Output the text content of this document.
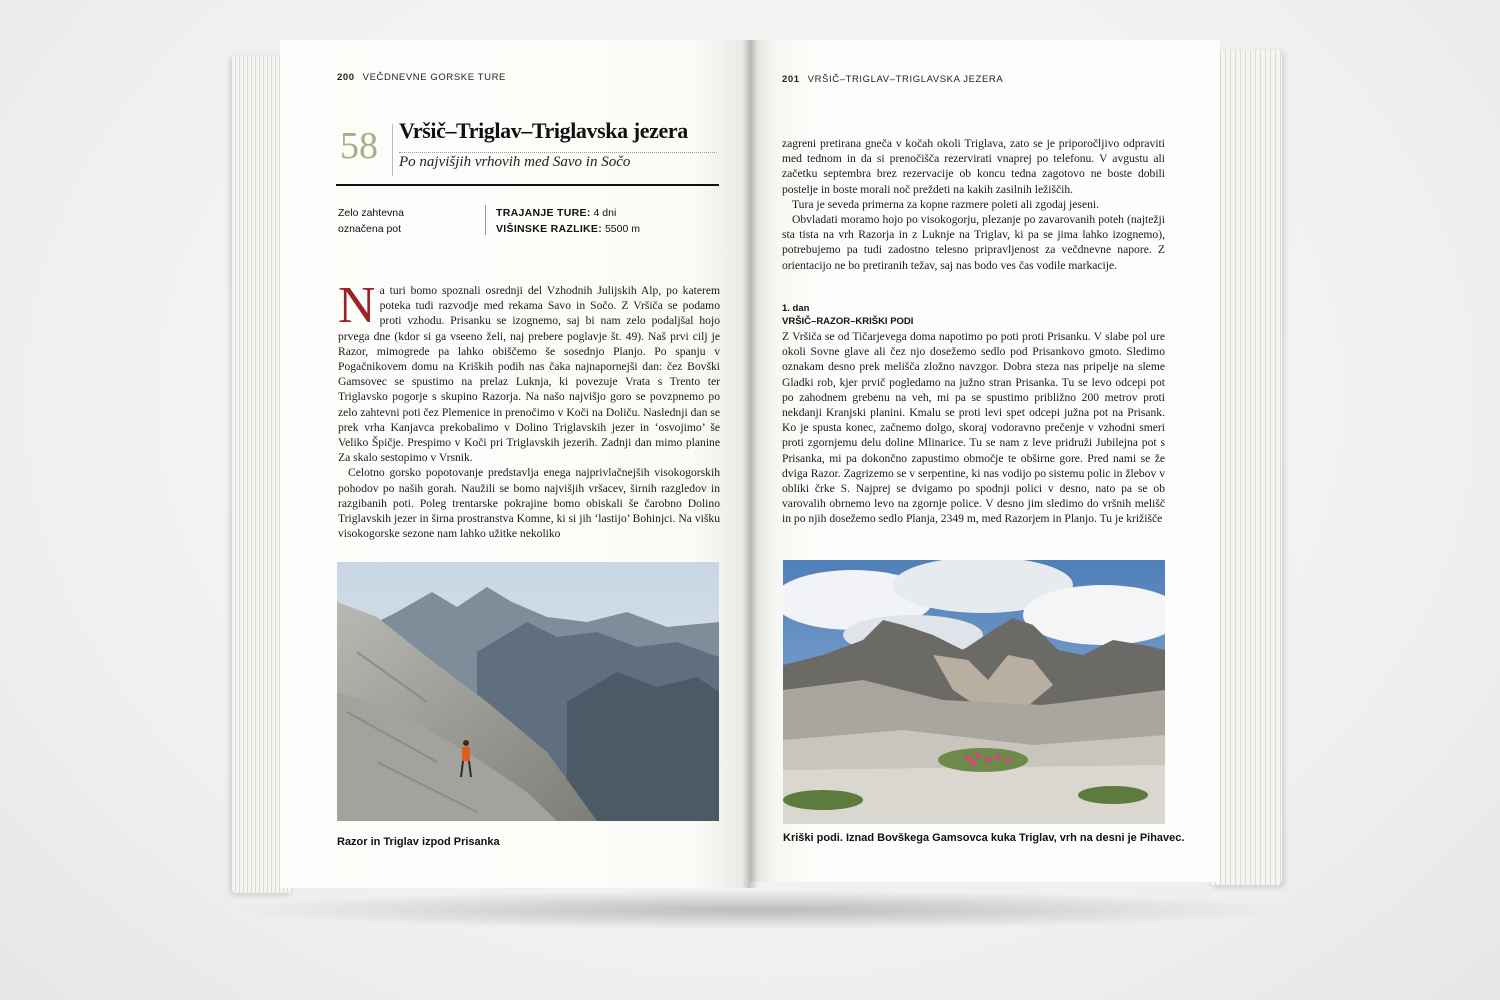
200 VEČDNEVNE GORSKE TURE
58 Vršič–Triglav–Triglavska jezera
Po najvišjih vrhovih med Savo in Sočo
Zelo zahtevna
označena pot
TRAJANJE TURE: 4 dni
VIŠINSKE RAZLIKE: 5500 m

Na turi bomo spoznali osrednji del Vzhodnih Julijskih Alp, po katerem poteka tudi razvodje med rekama Savo in Sočo. Z Vršiča se podamo proti vzhodu. Prisanku se izognemo, saj bi nam zelo podaljšal hojo prvega dne (kdor si ga vseeno želi, naj prebere poglavje št. 49). Naš prvi cilj je Razor, mimogrede pa lahko obiščemo še sosednjo Planjo. Po spanju v Pogačnikovem domu na Kriških podih nas čaka najnapornejši dan: čez Bovški Gamsovec se spustimo na prelaz Luknja, ki povezuje Vrata s Trento ter Triglavsko pogorje s skupino Razorja. Na našo najvišjo goro se povzpnemo po zelo zahtevni poti čez Plemenice in prenočimo v Koči na Doliču. Naslednji dan se prek vrha Kanjavca prekobalimo v Dolino Triglavskih jezer in ‘osvojimo’ še Veliko Špičje. Prespimo v Koči pri Triglavskih jezerih. Zadnji dan mimo planine Za skalo sestopimo v Vrsnik.

Celotno gorsko popotovanje predstavlja enega najprivlačnejših visokogorskih pohodov po naših gorah. Naužili se bomo najvišjih vršacev, širnih razgledov in razgibanih poti. Poleg trentarske pokrajine bomo obiskali še čarobno Dolino Triglavskih jezer in širna prostranstva Komne, ki si jih ‘lastijo’ Bohinjci. Na višku visokogorske sezone nam lahko užitke nekoliko

Razor in Triglav izpod Prisanka
201 VRŠIČ–TRIGLAV–TRIGLAVSKA JEZERA

zagreni pretirana gneča v kočah okoli Triglava, zato se je priporočljivo odpraviti med tednom in da si prenočišča rezervirati vnaprej po telefonu. V avgustu ali začetku septembra brez rezervacije ob koncu tedna zagotovo ne boste dobili postelje in boste morali noč preždeti na kakih zasilnih ležiščih.

Tura je seveda primerna za kopne razmere poleti ali zgodaj jeseni.

Obvladati moramo hojo po visokogorju, plezanje po zavarovanih poteh (najtežji sta tista na vrh Razorja in z Luknje na Triglav, ki pa se jima lahko izognemo), potrebujemo pa tudi zadostno telesno pripravljenost za večdnevne napore. Z orientacijo ne bo pretiranih težav, saj nas bodo ves čas vodile markacije.

1. dan
VRŠIČ–RAZOR–KRIŠKI PODI

Z Vršiča se od Tičarjevega doma napotimo po poti proti Prisanku. V slabe pol ure okoli Sovne glave ali čez njo dosežemo sedlo pod Prisankovo gmoto. Sledimo oznakam desno prek melišča zložno navzgor. Dobra steza nas pripelje na sleme Gladki rob, kjer prvič pogledamo na južno stran Prisanka. Tu se levo odcepi pot po zahodnem grebenu na veh, mi pa se spustimo približno 200 metrov proti nekdanji Kranjski planini. Kmalu se proti levi spet odcepi južna pot na Prisank. Ko je spusta konec, začnemo dolgo, skoraj vodoravno prečenje v vzhodni smeri proti zgornjemu delu doline Mlinarice. Tu se nam z leve pridruži Jubilejna pot s Prisanka, mi pa dokončno zapustimo območje te obširne gore. Pred nami se že dviga Razor. Zagrizemo se v serpentine, ki nas vodijo po sistemu polic in žlebov v obliki črke S. Najprej se dvigamo po spodnji polici v desno, nato pa se ob varovalih obrnemo levo na zgornje police. V desno jim sledimo do vršnih melišč in po njih dosežemo sedlo Planja, 2349 m, med Razorjem in Planjo. Tu je križišče

Kriški podi. Iznad Bovškega Gamsovca kuka Triglav, vrh na desni je Pihavec.
